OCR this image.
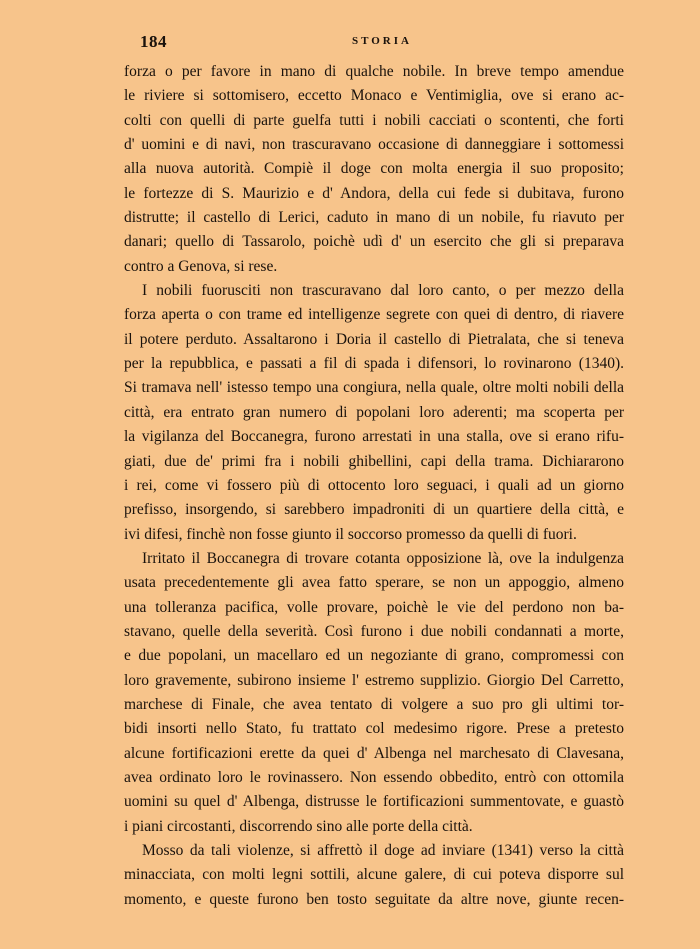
184	STORIA
forza o per favore in mano di qualche nobile. In breve tempo amendue
le riviere si sottomisero, eccetto Monaco e Ventimiglia, ove si erano ac-
colti con quelli di parte guelfa tutti i nobili cacciati o scontenti, che forti
d' uomini e di navi, non trascuravano occasione di danneggiare i sottomessi
alla nuova autorità. Compiè il doge con molta energia il suo proposito;
le fortezze di S. Maurizio e d' Andora, della cui fede si dubitava, furono
distrutte; il castello di Lerici, caduto in mano di un nobile, fu riavuto per
danari; quello di Tassarolo, poichè udì d' un esercito che gli si preparava
contro a Genova, si rese.
I nobili fuorusciti non trascuravano dal loro canto, o per mezzo della
forza aperta o con trame ed intelligenze segrete con quei di dentro, di riavere
il potere perduto. Assaltarono i Doria il castello di Pietralata, che si teneva
per la repubblica, e passati a fil di spada i difensori, lo rovinarono (1340).
Si tramava nell' istesso tempo una congiura, nella quale, oltre molti nobili della
città, era entrato gran numero di popolani loro aderenti; ma scoperta per
la vigilanza del Boccanegra, furono arrestati in una stalla, ove si erano rifu-
giati, due de' primi fra i nobili ghibellini, capi della trama. Dichiararono
i rei, come vi fossero più di ottocento loro seguaci, i quali ad un giorno
prefisso, insorgendo, si sarebbero impadroniti di un quartiere della città, e
ivi difesi, finchè non fosse giunto il soccorso promesso da quelli di fuori.
Irritato il Boccanegra di trovare cotanta opposizione là, ove la indulgenza
usata precedentemente gli avea fatto sperare, se non un appoggio, almeno
una tolleranza pacifica, volle provare, poichè le vie del perdono non ba-
stavano, quelle della severità. Così furono i due nobili condannati a morte,
e due popolani, un macellaro ed un negoziante di grano, compromessi con
loro gravemente, subirono insieme l' estremo supplizio. Giorgio Del Carretto,
marchese di Finale, che avea tentato di volgere a suo pro gli ultimi tor-
bidi insorti nello Stato, fu trattato col medesimo rigore. Prese a pretesto
alcune fortificazioni erette da quei d' Albenga nel marchesato di Clavesana,
avea ordinato loro le rovinassero. Non essendo obbedito, entrò con ottomila
uomini su quel d' Albenga, distrusse le fortificazioni summentovate, e guastò
i piani circostanti, discorrendo sino alle porte della città.
Mosso da tali violenze, si affrettò il doge ad inviare (1341) verso la città
minacciata, con molti legni sottili, alcune galere, di cui poteva disporre sul
momento, e queste furono ben tosto seguitate da altre nove, giunte recen-
